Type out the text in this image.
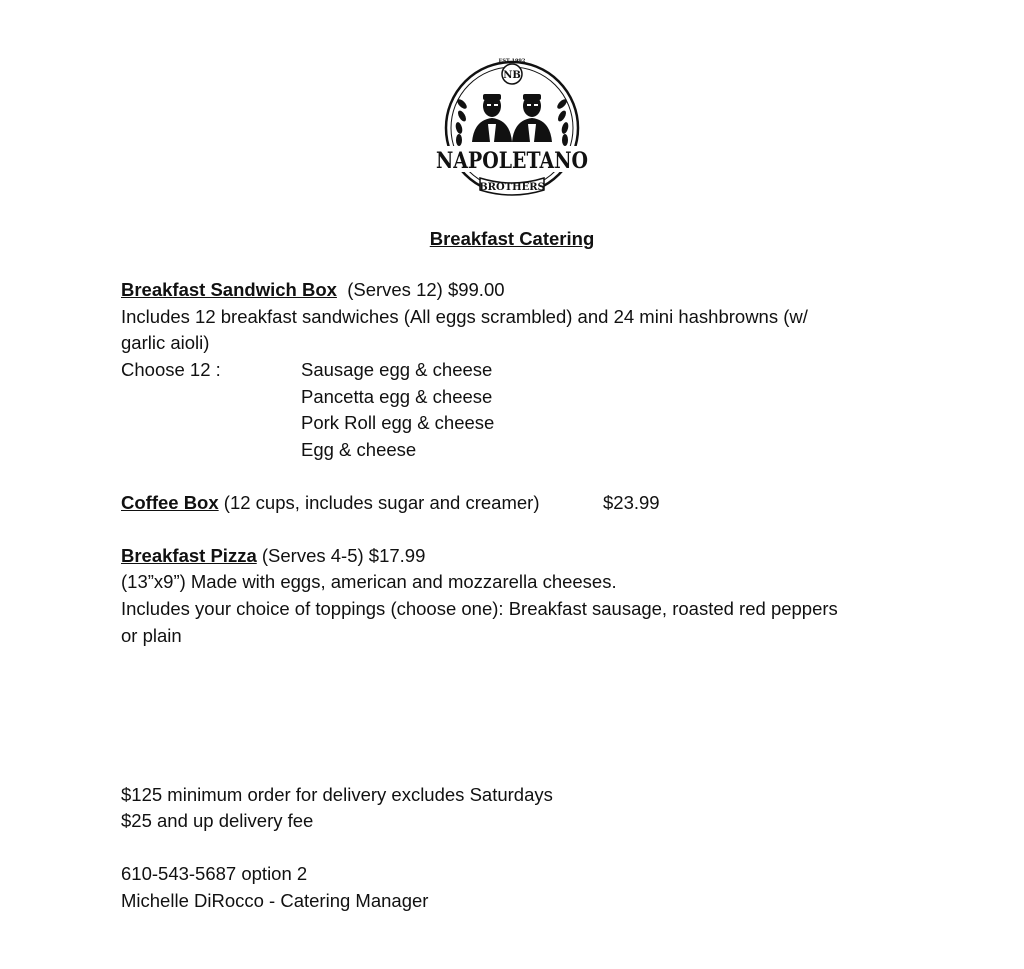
NB
EST 1992
NAPOLETANO
BROTHERS
Breakfast Catering

Breakfast Sandwich Box (Serves 12) $99.00

Includes 12 breakfast sandwiches (All eggs scrambled) and 24 mini hashbrowns (w/

garlic aioli)

Choose 12 :	Sausage egg & cheese

Pancetta egg & cheese

Pork Roll egg & cheese

Egg & cheese

Coffee Box (12 cups, includes sugar and creamer)	$23.99

Breakfast Pizza (Serves 4-5) $17.99

(13”x9”) Made with eggs, american and mozzarella cheeses.

Includes your choice of toppings (choose one): Breakfast sausage, roasted red peppers

or plain

$125 minimum order for delivery excludes Saturdays

$25 and up delivery fee

610-543-5687 option 2

Michelle DiRocco - Catering Manager
